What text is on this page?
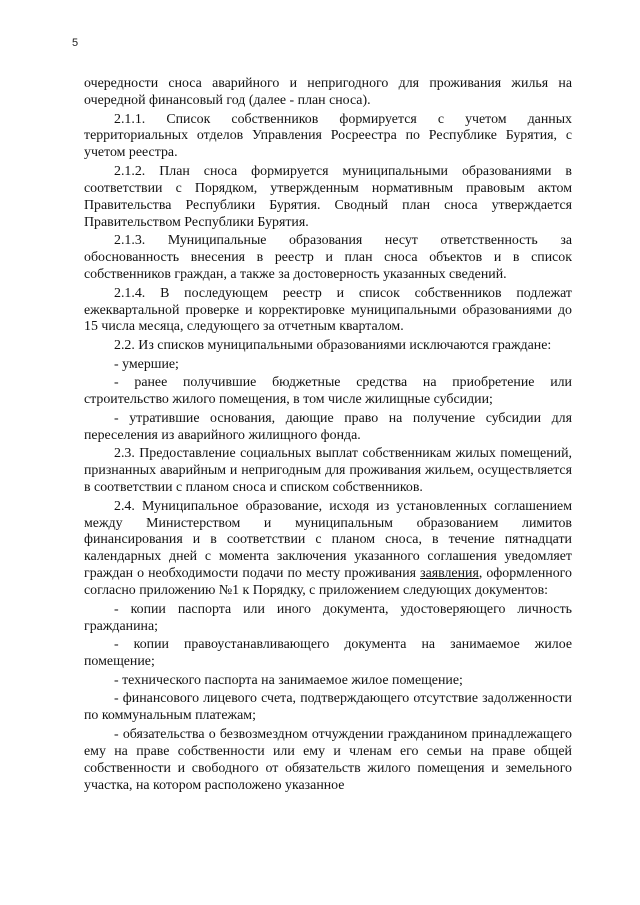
5

очередности сноса аварийного и непригодного для проживания жилья на очередной финансовый год (далее - план сноса).

2.1.1. Список собственников формируется с учетом данных территориальных отделов Управления Росреестра по Республике Бурятия, с учетом реестра.

2.1.2. План сноса формируется муниципальными образованиями в соответствии с Порядком, утвержденным нормативным правовым актом Правительства Республики Бурятия. Сводный план сноса утверждается Правительством Республики Бурятия.

2.1.3. Муниципальные образования несут ответственность за обоснованность внесения в реестр и план сноса объектов и в список собственников граждан, а также за достоверность указанных сведений.

2.1.4. В последующем реестр и список собственников подлежат ежеквартальной проверке и корректировке муниципальными образованиями до 15 числа месяца, следующего за отчетным кварталом.

2.2. Из списков муниципальными образованиями исключаются граждане:

- умершие;

- ранее получившие бюджетные средства на приобретение или строительство жилого помещения, в том числе жилищные субсидии;

- утратившие основания, дающие право на получение субсидии для переселения из аварийного жилищного фонда.

2.3. Предоставление социальных выплат собственникам жилых помещений, признанных аварийным и непригодным для проживания жильем, осуществляется в соответствии с планом сноса и списком собственников.

2.4. Муниципальное образование, исходя из установленных соглашением между Министерством и муниципальным образованием лимитов финансирования и в соответствии с планом сноса, в течение пятнадцати календарных дней с момента заключения указанного соглашения уведомляет граждан о необходимости подачи по месту проживания заявления, оформленного согласно приложению №1 к Порядку, с приложением следующих документов:

- копии паспорта или иного документа, удостоверяющего личность гражданина;

- копии правоустанавливающего документа на занимаемое жилое помещение;

- технического паспорта на занимаемое жилое помещение;

- финансового лицевого счета, подтверждающего отсутствие задолженности по коммунальным платежам;

- обязательства о безвозмездном отчуждении гражданином принадлежащего ему на праве собственности или ему и членам его семьи на праве общей собственности и свободного от обязательств жилого помещения и земельного участка, на котором расположено указанное
